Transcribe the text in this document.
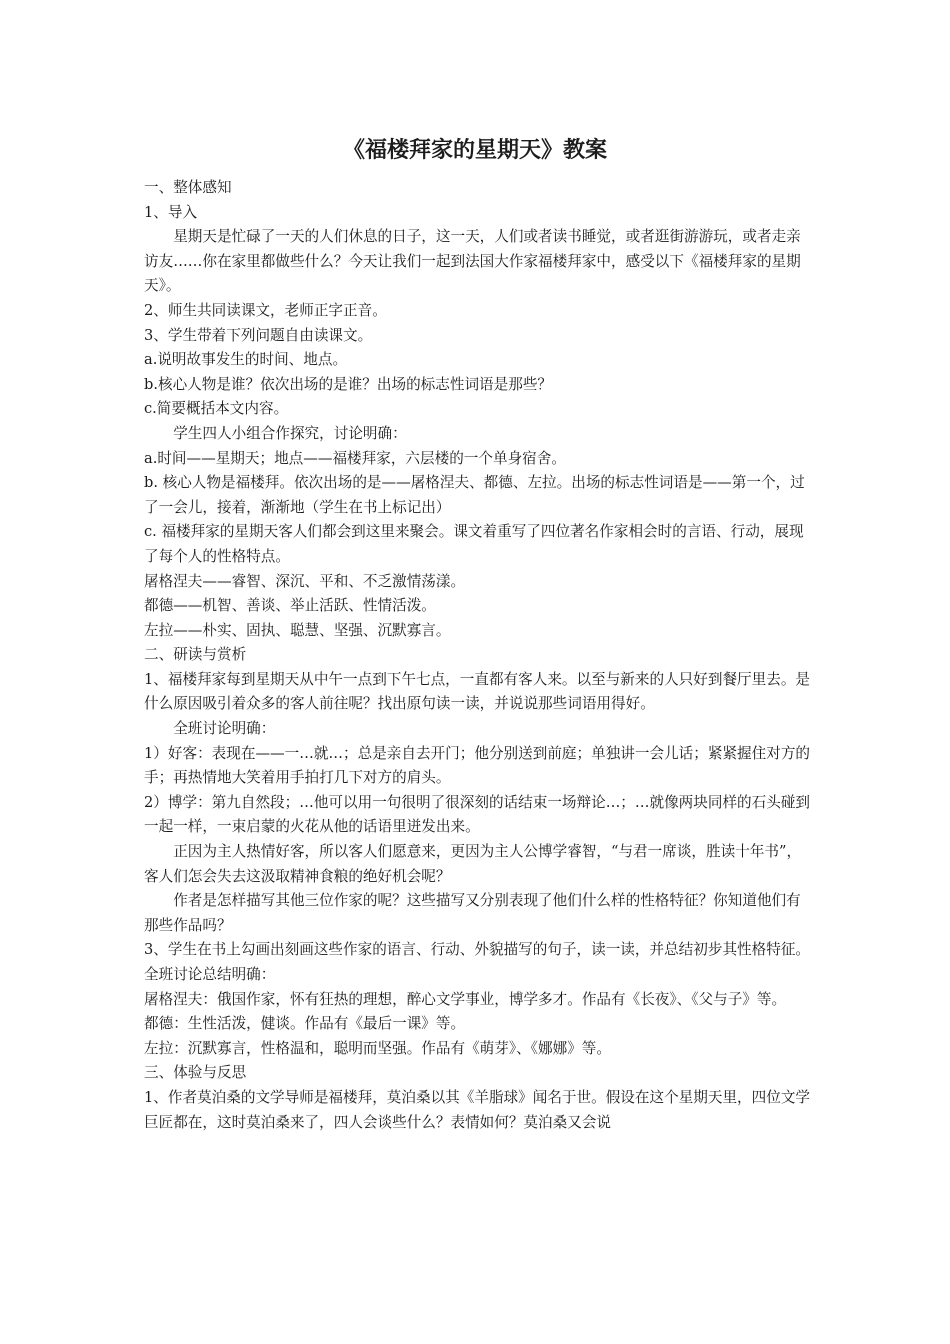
《福楼拜家的星期天》教案

一、整体感知

1、导入

星期天是忙碌了一天的人们休息的日子，这一天，人们或者读书睡觉，或者逛街游游玩，或者走亲访友……你在家里都做些什么？今天让我们一起到法国大作家福楼拜家中，感受以下《福楼拜家的星期天》。

2、师生共同读课文，老师正字正音。

3、学生带着下列问题自由读课文。

a.说明故事发生的时间、地点。

b.核心人物是谁？依次出场的是谁？出场的标志性词语是那些？

c.简要概括本文内容。

学生四人小组合作探究，讨论明确：

a.时间——星期天；地点——福楼拜家，六层楼的一个单身宿舍。

b. 核心人物是福楼拜。依次出场的是——屠格涅夫、都德、左拉。出场的标志性词语是——第一个，过了一会儿，接着，渐渐地（学生在书上标记出）

c. 福楼拜家的星期天客人们都会到这里来聚会。课文着重写了四位著名作家相会时的言语、行动，展现了每个人的性格特点。

屠格涅夫——睿智、深沉、平和、不乏激情荡漾。

都德——机智、善谈、举止活跃、性情活泼。

左拉——朴实、固执、聪慧、坚强、沉默寡言。

二、研读与赏析

1、福楼拜家每到星期天从中午一点到下午七点，一直都有客人来。以至与新来的人只好到餐厅里去。是什么原因吸引着众多的客人前往呢？找出原句读一读，并说说那些词语用得好。

全班讨论明确：

1）好客：表现在——一…就…；总是亲自去开门；他分别送到前庭；单独讲一会儿话；紧紧握住对方的手；再热情地大笑着用手拍打几下对方的肩头。

2）博学：第九自然段；…他可以用一句很明了很深刻的话结束一场辩论…；…就像两块同样的石头碰到一起一样，一束启蒙的火花从他的话语里迸发出来。

正因为主人热情好客，所以客人们愿意来，更因为主人公博学睿智，“与君一席谈，胜读十年书”，客人们怎会失去这汲取精神食粮的绝好机会呢？

作者是怎样描写其他三位作家的呢？这些描写又分别表现了他们什么样的性格特征？你知道他们有那些作品吗？

3、学生在书上勾画出刻画这些作家的语言、行动、外貌描写的句子，读一读，并总结初步其性格特征。

全班讨论总结明确：

屠格涅夫：俄国作家，怀有狂热的理想，醉心文学事业，博学多才。作品有《长夜》、《父与子》等。

都德：生性活泼，健谈。作品有《最后一课》等。

左拉：沉默寡言，性格温和，聪明而坚强。作品有《萌芽》、《娜娜》等。

三、体验与反思

1、作者莫泊桑的文学导师是福楼拜，莫泊桑以其《羊脂球》闻名于世。假设在这个星期天里，四位文学巨匠都在，这时莫泊桑来了，四人会谈些什么？表情如何？莫泊桑又会说
